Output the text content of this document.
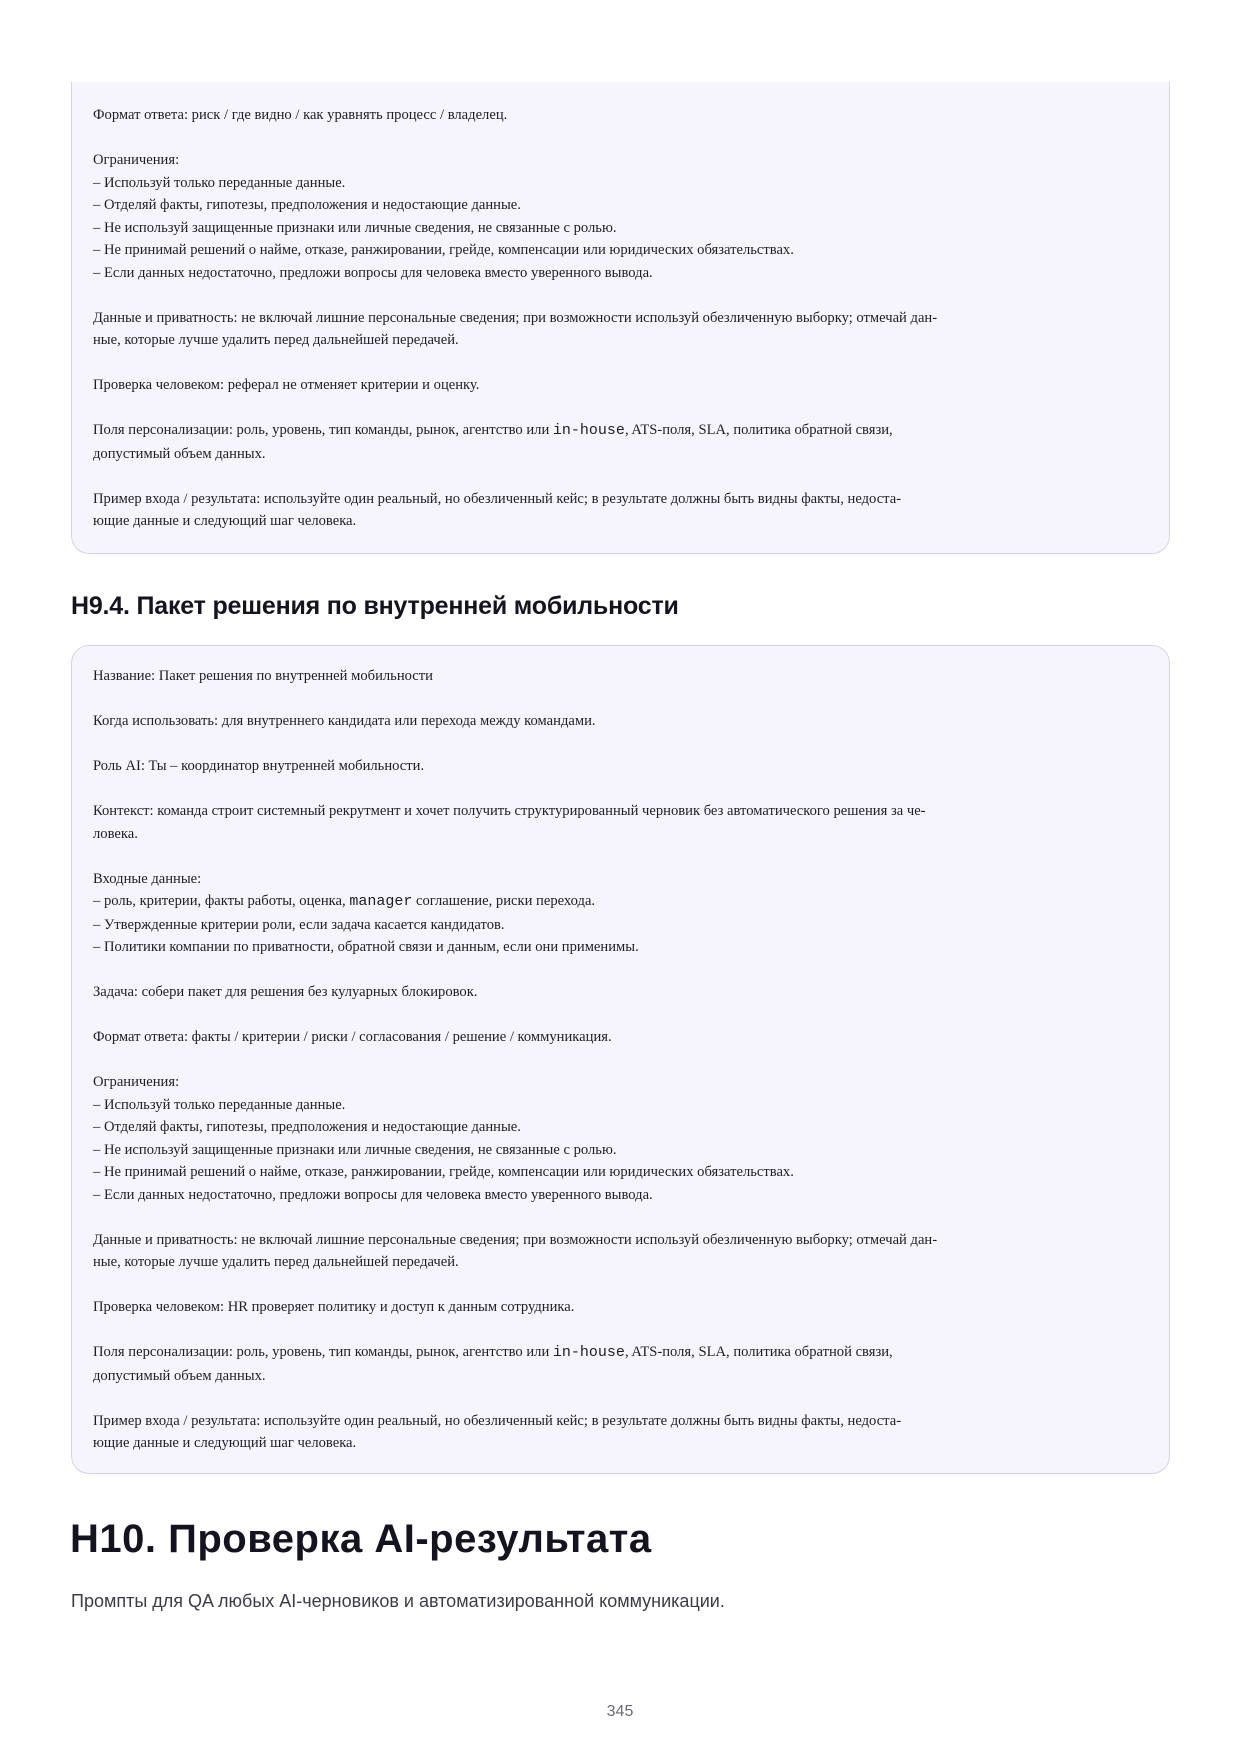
Формат ответа: риск / где видно / как уравнять процесс / владелец.

Ограничения:
– Используй только переданные данные.
– Отделяй факты, гипотезы, предположения и недостающие данные.
– Не используй защищенные признаки или личные сведения, не связанные с ролью.
– Не принимай решений о найме, отказе, ранжировании, грейде, компенсации или юридических обязательствах.
– Если данных недостаточно, предложи вопросы для человека вместо уверенного вывода.

Данные и приватность: не включай лишние персональные сведения; при возможности используй обезличенную выборку; отмечай дан-
ные, которые лучше удалить перед дальнейшей передачей.

Проверка человеком: реферал не отменяет критерии и оценку.

Поля персонализации: роль, уровень, тип команды, рынок, агентство или in-house, ATS-поля, SLA, политика обратной связи,
допустимый объем данных.

Пример входа / результата: используйте один реальный, но обезличенный кейс; в результате должны быть видны факты, недоста-
ющие данные и следующий шаг человека.

H9.4. Пакет решения по внутренней мобильности

Название: Пакет решения по внутренней мобильности

Когда использовать: для внутреннего кандидата или перехода между командами.

Роль AI: Ты – координатор внутренней мобильности.

Контекст: команда строит системный рекрутмент и хочет получить структурированный черновик без автоматического решения за че-
ловека.

Входные данные:
– роль, критерии, факты работы, оценка, manager соглашение, риски перехода.
– Утвержденные критерии роли, если задача касается кандидатов.
– Политики компании по приватности, обратной связи и данным, если они применимы.

Задача: собери пакет для решения без кулуарных блокировок.

Формат ответа: факты / критерии / риски / согласования / решение / коммуникация.

Ограничения:
– Используй только переданные данные.
– Отделяй факты, гипотезы, предположения и недостающие данные.
– Не используй защищенные признаки или личные сведения, не связанные с ролью.
– Не принимай решений о найме, отказе, ранжировании, грейде, компенсации или юридических обязательствах.
– Если данных недостаточно, предложи вопросы для человека вместо уверенного вывода.

Данные и приватность: не включай лишние персональные сведения; при возможности используй обезличенную выборку; отмечай дан-
ные, которые лучше удалить перед дальнейшей передачей.

Проверка человеком: HR проверяет политику и доступ к данным сотрудника.

Поля персонализации: роль, уровень, тип команды, рынок, агентство или in-house, ATS-поля, SLA, политика обратной связи,
допустимый объем данных.

Пример входа / результата: используйте один реальный, но обезличенный кейс; в результате должны быть видны факты, недоста-
ющие данные и следующий шаг человека.

H10. Проверка AI-результата

Промпты для QA любых AI-черновиков и автоматизированной коммуникации.

345
